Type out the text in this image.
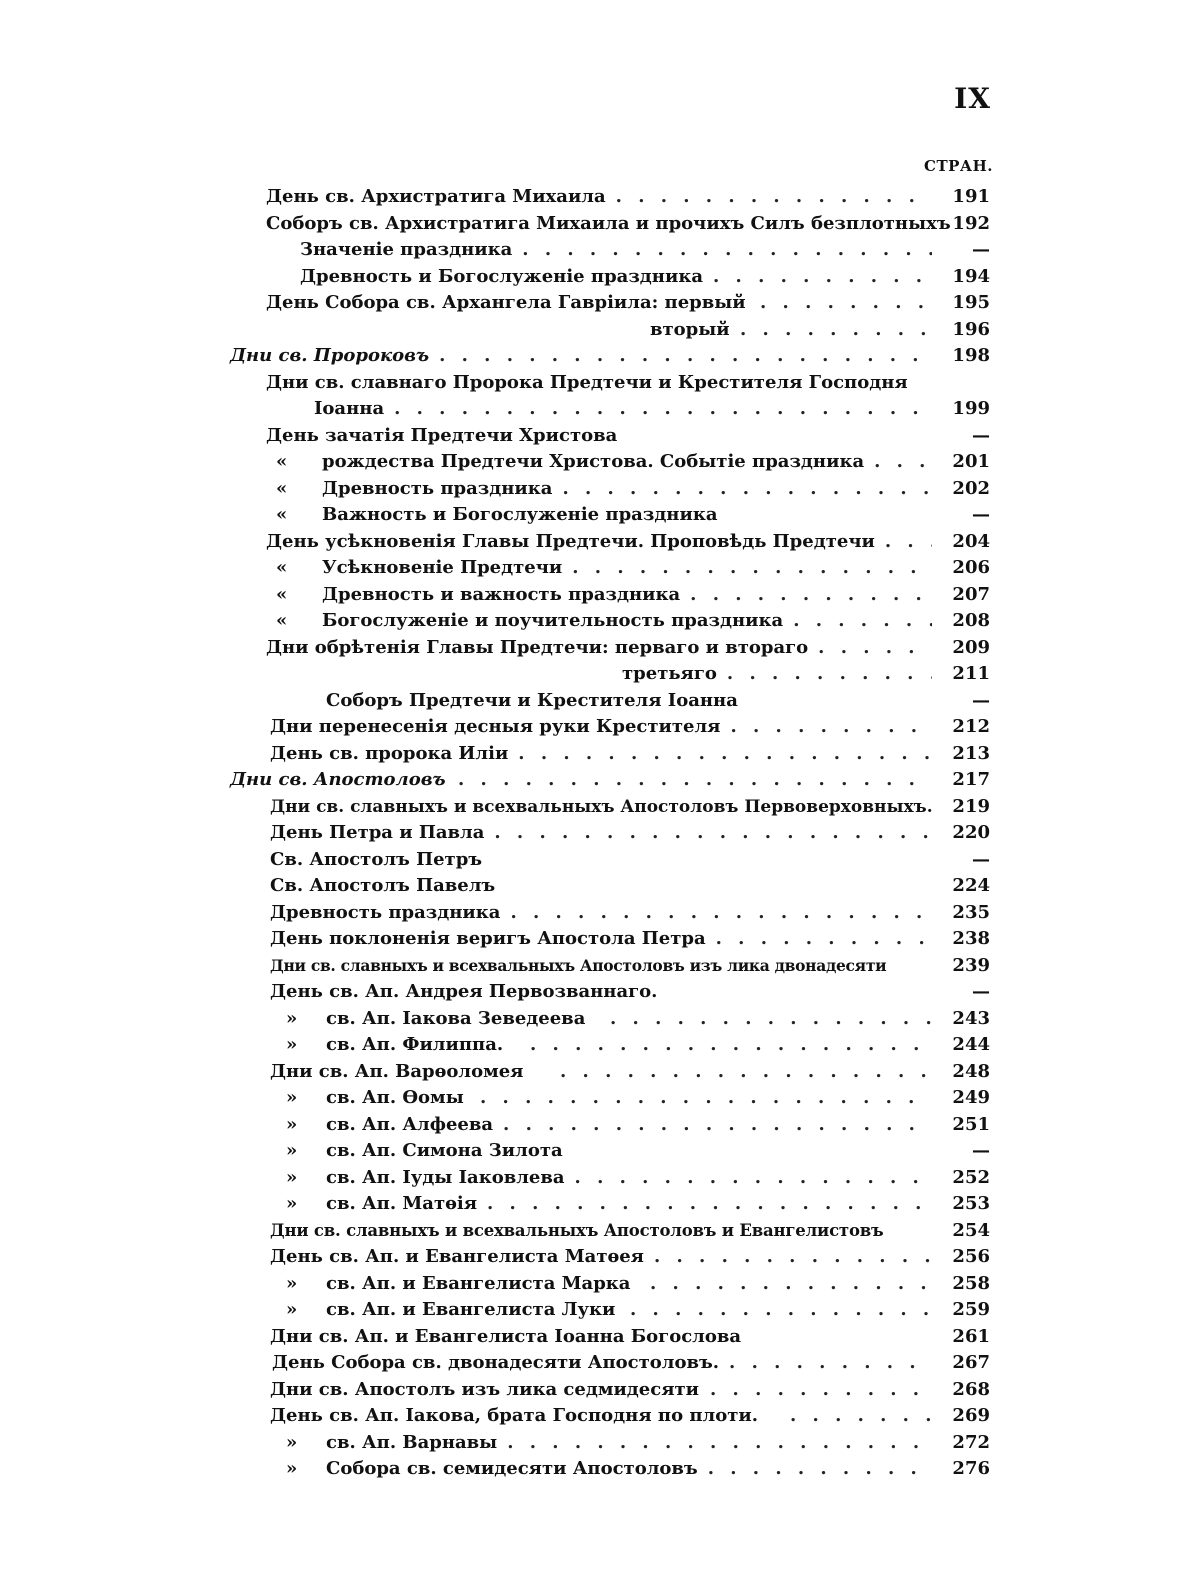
IX
СТРАН.
День св. Архистратига Михаила . . .	191
Соборъ св. Архистратига Михаила и прочихъ Силъ безплотныхъ 192
Значеніе праздника . . .	—
Древность и Богослуженіе праздника . . .	194
День Собора св. Архангела Гавріила: первый . . .	195
вторый . . .	196
Дни св. Пророковъ . . .	198
Дни св. славнаго Пророка Предтечи и Крестителя Господня
Іоанна . . .	199
День зачатія Предтечи Христова	—
« рождества Предтечи Христова. Событіе праздника . . .	201
« Древность праздника . . .	202
« Важность и Богослуженіе праздника	—
День усѣкновенія Главы Предтечи. Проповѣдь Предтечи . . .	204
« Усѣкновеніе Предтечи . . .	206
« Древность и важность праздника . . .	207
« Богослуженіе и поучительность праздника . . .	208
Дни обрѣтенія Главы Предтечи: перваго и втораго . . .	209
третьяго . . .	211
Соборъ Предтечи и Крестителя Іоанна	—
Дни перенесенія десныя руки Крестителя . . .	212
День св. пророка Иліи . . .	213
Дни св. Апостоловъ . . .	217
Дни св. славныхъ и всехвальныхъ Апостоловъ Первоверховныхъ.	219
День Петра и Павла . . .	220
Св. Апостолъ Петръ	—
Св. Апостолъ Павелъ	224
Древность праздника . . .	235
День поклоненія веригъ Апостола Петра . . .	238
Дни св. славныхъ и всехвальныхъ Апостоловъ изъ лика двонадесяти	239
День св. Ап. Андрея Первозваннаго.	—
» св. Ап. Іакова Зеведеева . . .	243
» св. Ап. Филиппа. . . .	244
Дни св. Ап. Варѳоломея . . .	248
» св. Ап. Ѳомы . . .	249
» св. Ап. Алфеева . . .	251
» св. Ап. Симона Зилота	—
» св. Ап. Іуды Іаковлева . . .	252
» св. Ап. Матѳія . . .	253
Дни св. славныхъ и всехвальныхъ Апостоловъ и Евангелистовъ	254
День св. Ап. и Евангелиста Матѳея . . .	256
» св. Ап. и Евангелиста Марка . . .	258
» св. Ап. и Евангелиста Луки . . .	259
Дни св. Ап. и Евангелиста Іоанна Богослова	261
День Собора св. двонадесяти Апостоловъ. . . .	267
Дни св. Апостолъ изъ лика седмидесяти . . .	268
День св. Ап. Іакова, брата Господня по плоти. . . .	269
» св. Ап. Варнавы . . .	272
» Собора св. семидесяти Апостоловъ . . .	276
